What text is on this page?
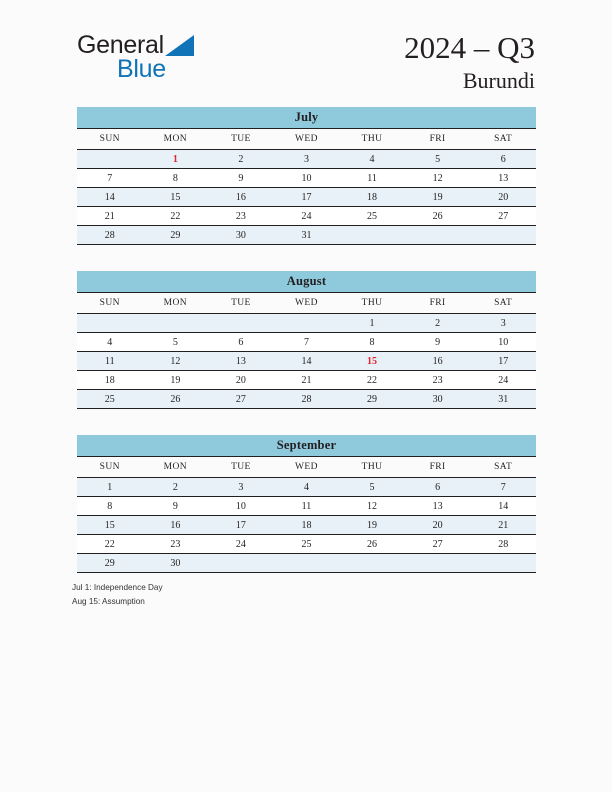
General
Blue
2024 – Q3
Burundi
July						
SUN	MON	TUE	WED	THU	FRI	SAT
	1	2	3	4	5	6
7	8	9	10	11	12	13
14	15	16	17	18	19	20
21	22	23	24	25	26	27
28	29	30	31			
August						
SUN	MON	TUE	WED	THU	FRI	SAT
				1	2	3
4	5	6	7	8	9	10
11	12	13	14	15	16	17
18	19	20	21	22	23	24
25	26	27	28	29	30	31
September						
SUN	MON	TUE	WED	THU	FRI	SAT
1	2	3	4	5	6	7
8	9	10	11	12	13	14
15	16	17	18	19	20	21
22	23	24	25	26	27	28
29	30					
Jul 1: Independence Day
Aug 15: Assumption
